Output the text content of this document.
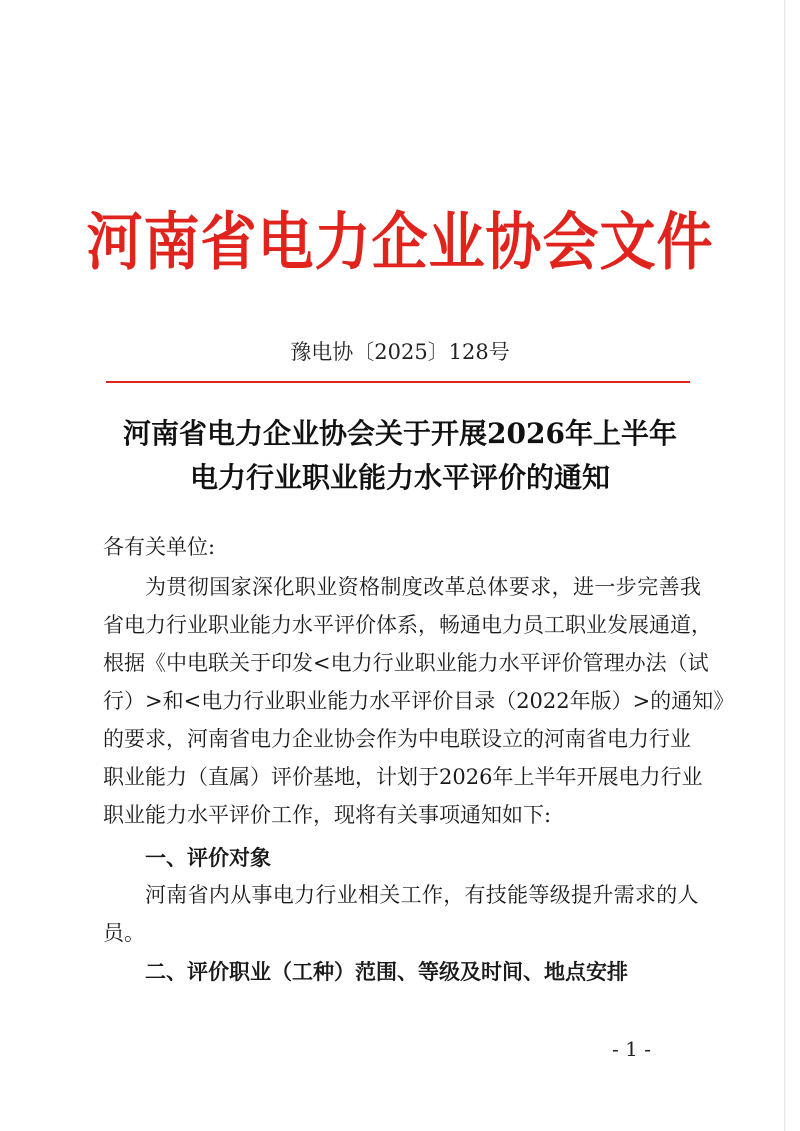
河南省电力企业协会文件
豫电协〔2025〕128号
河南省电力企业协会关于开展2026年上半年
电力行业职业能力水平评价的通知
各有关单位:
为贯彻国家深化职业资格制度改革总体要求，进一步完善我
省电力行业职业能力水平评价体系，畅通电力员工职业发展通道，
根据《中电联关于印发<电力行业职业能力水平评价管理办法（试
行）>和<电力行业职业能力水平评价目录（2022年版）>的通知》
的要求，河南省电力企业协会作为中电联设立的河南省电力行业
职业能力（直属）评价基地，计划于2026年上半年开展电力行业
职业能力水平评价工作，现将有关事项通知如下:
一、评价对象
河南省内从事电力行业相关工作，有技能等级提升需求的人
员。
二、评价职业（工种）范围、等级及时间、地点安排
- 1 -
